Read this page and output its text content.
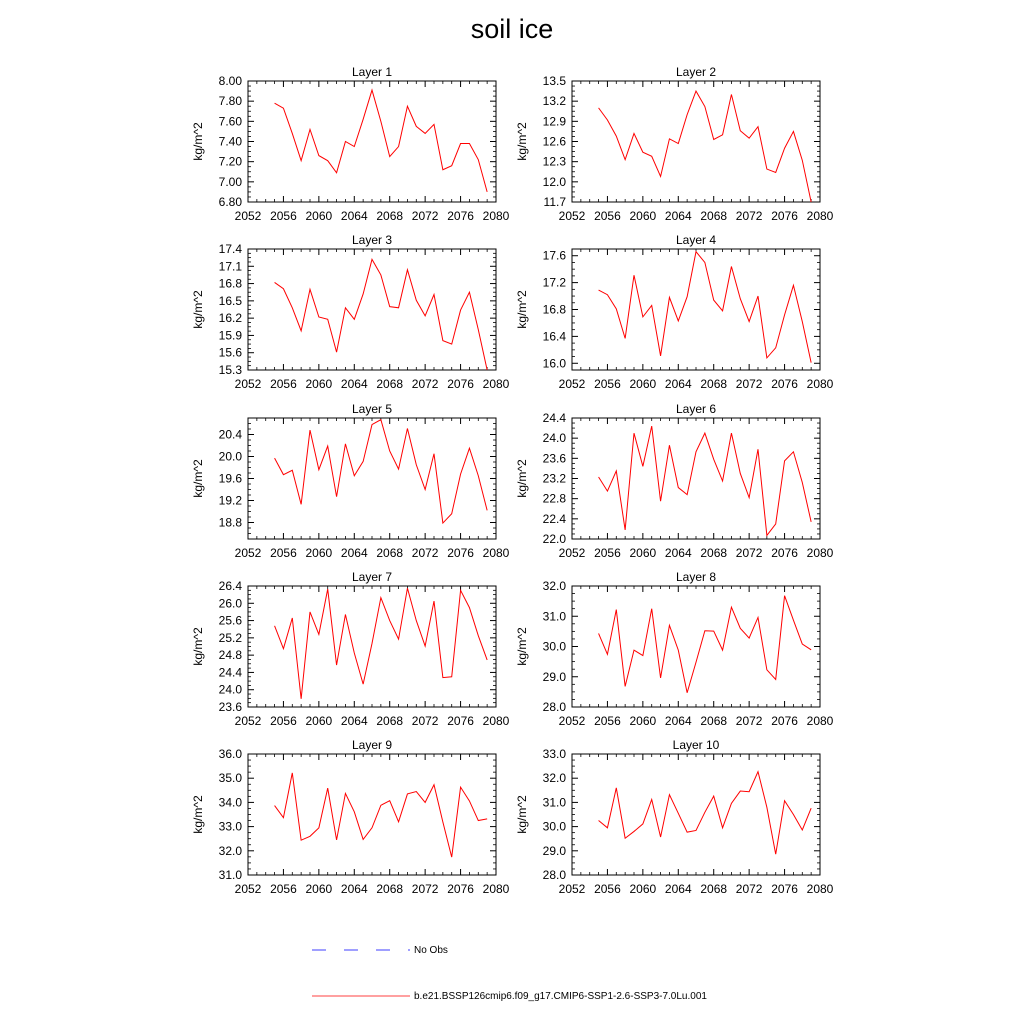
soil ice
Layer 1
2052 2056 2060 2064 2068 2072 2076 2080
6.80
7.00
7.20
7.40
7.60
7.80
8.00
kg/m^2
Layer 2
2052 2056 2060 2064 2068 2072 2076 2080
11.7
12.0
12.3
12.6
12.9
13.2
13.5
kg/m^2
Layer 3
2052 2056 2060 2064 2068 2072 2076 2080
15.3
15.6
15.9
16.2
16.5
16.8
17.1
17.4
kg/m^2
Layer 4
2052 2056 2060 2064 2068 2072 2076 2080
16.0
16.4
16.8
17.2
17.6
kg/m^2
Layer 5
2052 2056 2060 2064 2068 2072 2076 2080
18.8
19.2
19.6
20.0
20.4
kg/m^2
Layer 6
2052 2056 2060 2064 2068 2072 2076 2080
22.0
22.4
22.8
23.2
23.6
24.0
24.4
kg/m^2
Layer 7
2052 2056 2060 2064 2068 2072 2076 2080
23.6
24.0
24.4
24.8
25.2
25.6
26.0
26.4
kg/m^2
Layer 8
2052 2056 2060 2064 2068 2072 2076 2080
28.0
29.0
30.0
31.0
32.0
kg/m^2
Layer 9
2052 2056 2060 2064 2068 2072 2076 2080
31.0
32.0
33.0
34.0
35.0
36.0
kg/m^2
Layer 10
2052 2056 2060 2064 2068 2072 2076 2080
28.0
29.0
30.0
31.0
32.0
33.0
kg/m^2
No Obs
b.e21.BSSP126cmip6.f09_g17.CMIP6-SSP1-2.6-SSP3-7.0Lu.001
